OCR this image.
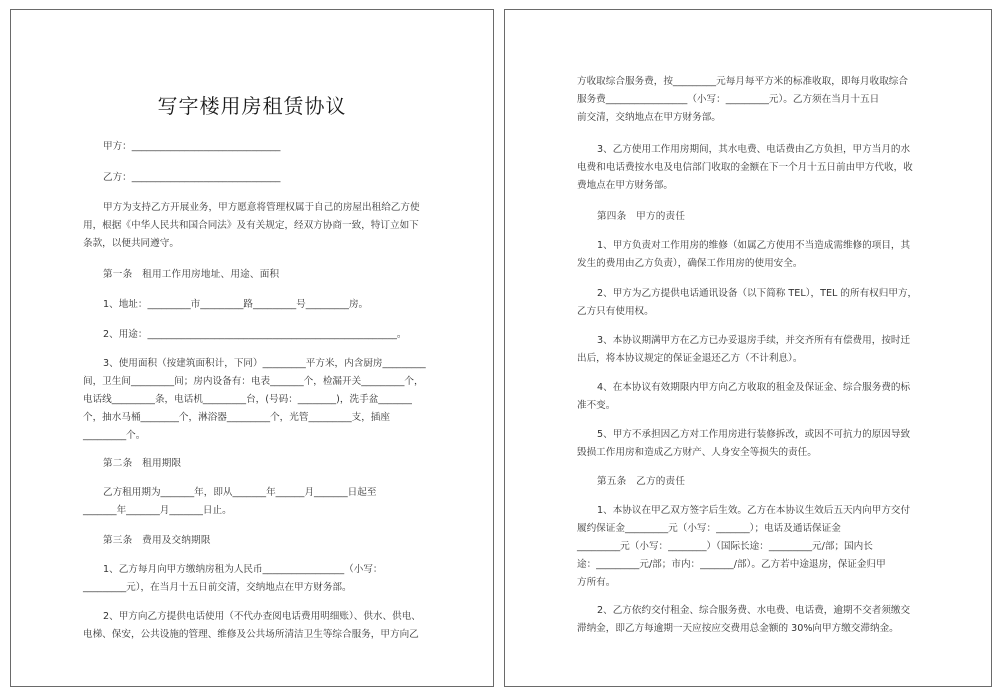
写字楼用房租赁协议
甲方：_______________________________
乙方：_______________________________
甲方为支持乙方开展业务，甲方愿意将管理权属于自己的房屋出租给乙方使
用，根据《中华人民共和国合同法》及有关规定，经双方协商一致，特订立如下
条款，以便共同遵守。
第一条　租用工作用房地址、用途、面积
1、地址：_________市_________路_________号_________房。
2、用途：____________________________________________________。
3、使用面积（按建筑面积计，下同）_________平方米，内含厨房_________
间，卫生间_________间；房内设备有：电表_______个，检漏开关_________个，
电话线_________条，电话机_________台，(号码：________)，洗手盆_______
个，抽水马桶________个，淋浴器_________个，光管_________支，插座
_________个。
第二条　租用期限
乙方租用期为_______年，即从_______年______月_______日起至
_______年_______月_______日止。
第三条　费用及交纳期限
1、乙方每月向甲方缴纳房租为人民币_________________（小写：
_________元），在当月十五日前交清，交纳地点在甲方财务部。
2、甲方向乙方提供电话使用（不代办查阅电话费用明细账）、供水、供电、
电梯、保安，公共设施的管理、维修及公共场所清洁卫生等综合服务，甲方向乙
方收取综合服务费，按_________元每月每平方米的标准收取，即每月收取综合
服务费_________________（小写：_________元）。乙方须在当月十五日
前交清，交纳地点在甲方财务部。
3、乙方使用工作用房期间，其水电费、电话费由乙方负担，甲方当月的水
电费和电话费按水电及电信部门收取的金额在下一个月十五日前由甲方代收，收
费地点在甲方财务部。
第四条　甲方的责任
1、甲方负责对工作用房的维修（如属乙方使用不当造成需维修的项目，其
发生的费用由乙方负责），确保工作用房的使用安全。
2、甲方为乙方提供电话通讯设备（以下简称 TEL），TEL 的所有权归甲方，
乙方只有使用权。
3、本协议期满甲方在乙方已办妥退房手续，并交齐所有有偿费用，按时迁
出后，将本协议规定的保证金退还乙方（不计利息）。
4、在本协议有效期限内甲方向乙方收取的租金及保证金、综合服务费的标
准不变。
5、甲方不承担因乙方对工作用房进行装修拆改，或因不可抗力的原因导致
毁损工作用房和造成乙方财产、人身安全等损失的责任。
第五条　乙方的责任
1、本协议在甲乙双方签字后生效。乙方在本协议生效后五天内向甲方交付
履约保证金_________元（小写：_______）；电话及通话保证金
_________元（小写：________）（国际长途：_________元/部；国内长
途：_________元/部；市内：_______/部）。乙方若中途退房，保证金归甲
方所有。
2、乙方依约交付租金、综合服务费、水电费、电话费，逾期不交者须缴交
滞纳金，即乙方每逾期一天应按应交费用总金额的 30%向甲方缴交滞纳金。
